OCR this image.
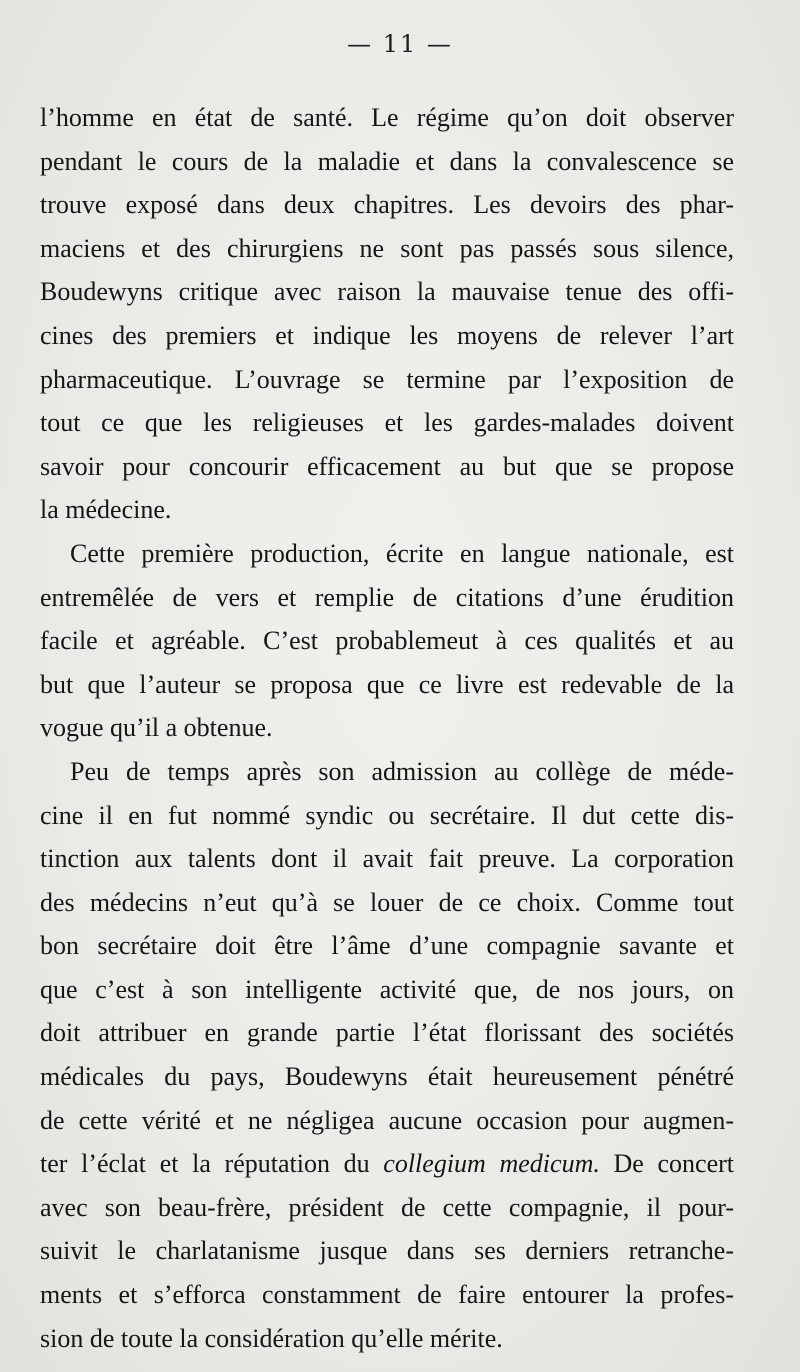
— 11 —
l’homme en état de santé. Le régime qu’on doit observer
pendant le cours de la maladie et dans la convalescence se
trouve exposé dans deux chapitres. Les devoirs des phar-
maciens et des chirurgiens ne sont pas passés sous silence,
Boudewyns critique avec raison la mauvaise tenue des offi-
cines des premiers et indique les moyens de relever l’art
pharmaceutique. L’ouvrage se termine par l’exposition de
tout ce que les religieuses et les gardes-malades doivent
savoir pour concourir efficacement au but que se propose
la médecine.
Cette première production, écrite en langue nationale, est
entremêlée de vers et remplie de citations d’une érudition
facile et agréable. C’est probablemeut à ces qualités et au
but que l’auteur se proposa que ce livre est redevable de la
vogue qu’il a obtenue.
Peu de temps après son admission au collège de méde-
cine il en fut nommé syndic ou secrétaire. Il dut cette dis-
tinction aux talents dont il avait fait preuve. La corporation
des médecins n’eut qu’à se louer de ce choix. Comme tout
bon secrétaire doit être l’âme d’une compagnie savante et
que c’est à son intelligente activité que, de nos jours, on
doit attribuer en grande partie l’état florissant des sociétés
médicales du pays, Boudewyns était heureusement pénétré
de cette vérité et ne négligea aucune occasion pour augmen-
ter l’éclat et la réputation du collegium medicum. De concert
avec son beau-frère, président de cette compagnie, il pour-
suivit le charlatanisme jusque dans ses derniers retranche-
ments et s’efforca constamment de faire entourer la profes-
sion de toute la considération qu’elle mérite.
